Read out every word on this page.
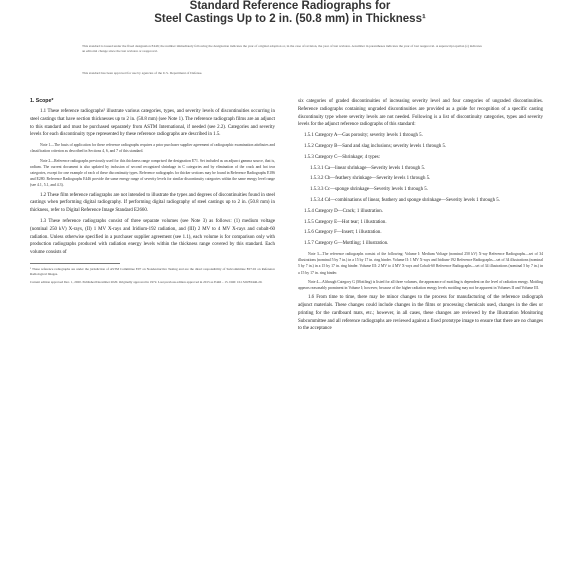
Standard Reference Radiographs for
Steel Castings Up to 2 in. (50.8 mm) in Thickness¹
This standard is issued under the fixed designation E446; the number immediately following the designation indicates the year of original adoption or, in the case of revision, the year of last revision. A number in parentheses indicates the year of last reapproval. A superscript epsilon (ε) indicates an editorial change since the last revision or reapproval.
This standard has been approved for use by agencies of the U.S. Department of Defense.

1. Scope*

1.1 These reference radiographs² illustrate various categories, types, and severity levels of discontinuities occurring in steel castings that have section thicknesses up to 2 in. (50.8 mm) (see Note 1). The reference radiograph films are an adjunct to this standard and must be purchased separately from ASTM International, if needed (see 2.2). Categories and severity levels for each discontinuity type represented by these reference radiographs are described in 1.5.

Note 1—The basis of application for these reference radiographs requires a prior purchaser supplier agreement of radiographic examination attributes and classification criterion as described in Sections 4, 6, and 7 of this standard.

Note 2—Reference radiographs previously used for this thickness range comprised the designation E71. Set included as an adjunct gamma source, that is, radium. The current document is also updated by inclusion of second recognized shrinkage in C categories and by elimination of the crack and hot tear categories, except for one example of each of these discontinuity types. Reference radiographs for thicker sections may be found in Reference Radiographs E186 and E280. Reference Radiographs E446 provide the same energy range of severity levels for similar discontinuity categories within the same energy level range (see 4.1, 5.1, and 4.3).

1.2 These film reference radiographs are not intended to illustrate the types and degrees of discontinuities found in steel castings when performing digital radiography. If performing digital radiography of steel castings up to 2 in. (50.8 mm) in thickness, refer to Digital Reference Image Standard E2660.

1.3 These reference radiographs consist of three separate volumes (see Note 3) as follows: (1) medium voltage (nominal 250 kV) X-rays, (II) 1 MV X-rays and Iridium-192 radiation, and (III) 2 MV to 4 MV X-rays and cobalt-60 radiation. Unless otherwise specified in a purchaser supplier agreement (see 1.1), each volume is for comparison only with production radiographs produced with radiation energy levels within the thickness range covered by this standard. Each volume consists of

¹ These reference radiographs are under the jurisdiction of ASTM Committee E07 on Nondestructive Testing and are the direct responsibility of Subcommittee E07.02 on Reference Radiological Images.

Current edition approved Dec. 1, 2020. Published December 2020. Originally approved in 1972. Last previous edition approved in 2015 as E446 – 15. DOI: 10.1520/E0446-20.

six categories of graded discontinuities of increasing severity level and four categories of ungraded discontinuities. Reference radiographs containing ungraded discontinuities are provided as a guide for recognition of a specific casting discontinuity type where severity levels are not needed. Following is a list of discontinuity categories, types and severity levels for the adjunct reference radiographs of this standard:

1.5.1 Category A—Gas porosity; severity levels 1 through 5.

1.5.2 Category B—Sand and slag inclusions; severity levels 1 through 5.

1.5.3 Category C—Shrinkage; 4 types:

1.5.3.1 Ca—linear shrinkage—Severity levels 1 through 5.

1.5.3.2 Cb—feathery shrinkage—Severity levels 1 through 5.

1.5.3.3 Cc—sponge shrinkage—Severity levels 1 through 5.

1.5.3.4 Cd—combinations of linear, feathery and sponge shrinkage—Severity levels 1 through 5.

1.5.4 Category D—Crack; 1 illustration.

1.5.5 Category E—Hot tear; 1 illustration.

1.5.6 Category F—Insert; 1 illustration.

1.5.7 Category G—Mottling; 1 illustration.

Note 3—The reference radiographs consist of the following: Volume I: Medium Voltage (nominal 250 kV) X-ray Reference Radiographs—set of 34 illustrations (nominal 5 by 7 in.) in a 15 by 17 in. ring binder. Volume II: 1 MV X-rays and Iridium-192 Reference Radiographs—set of 34 illustrations (nominal 5 by 7 in.) in a 15 by 17 in. ring binder. Volume III: 2 MV to 4 MV X-rays and Cobalt-60 Reference Radiographs—set of 34 illustrations (nominal 5 by 7 in.) in a 15 by 17 in. ring binder.

Note 4—Although Category G (Mottling) is listed for all three volumes, the appearance of mottling is dependent on the level of radiation energy. Mottling appears reasonably prominent in Volume I; however, because of the higher radiation energy levels mottling may not be apparent in Volumes II and Volume III.

1.6 From time to time, there may be minor changes to the process for manufacturing of the reference radiograph adjunct materials. These changes could include changes in the films or processing chemicals used, changes in the dies or printing for the cardboard mats, etc.; however, in all cases, these changes are reviewed by the Illustration Monitoring Subcommittee and all reference radiographs are reviewed against a fixed prototype image to ensure that there are no changes to the acceptance
